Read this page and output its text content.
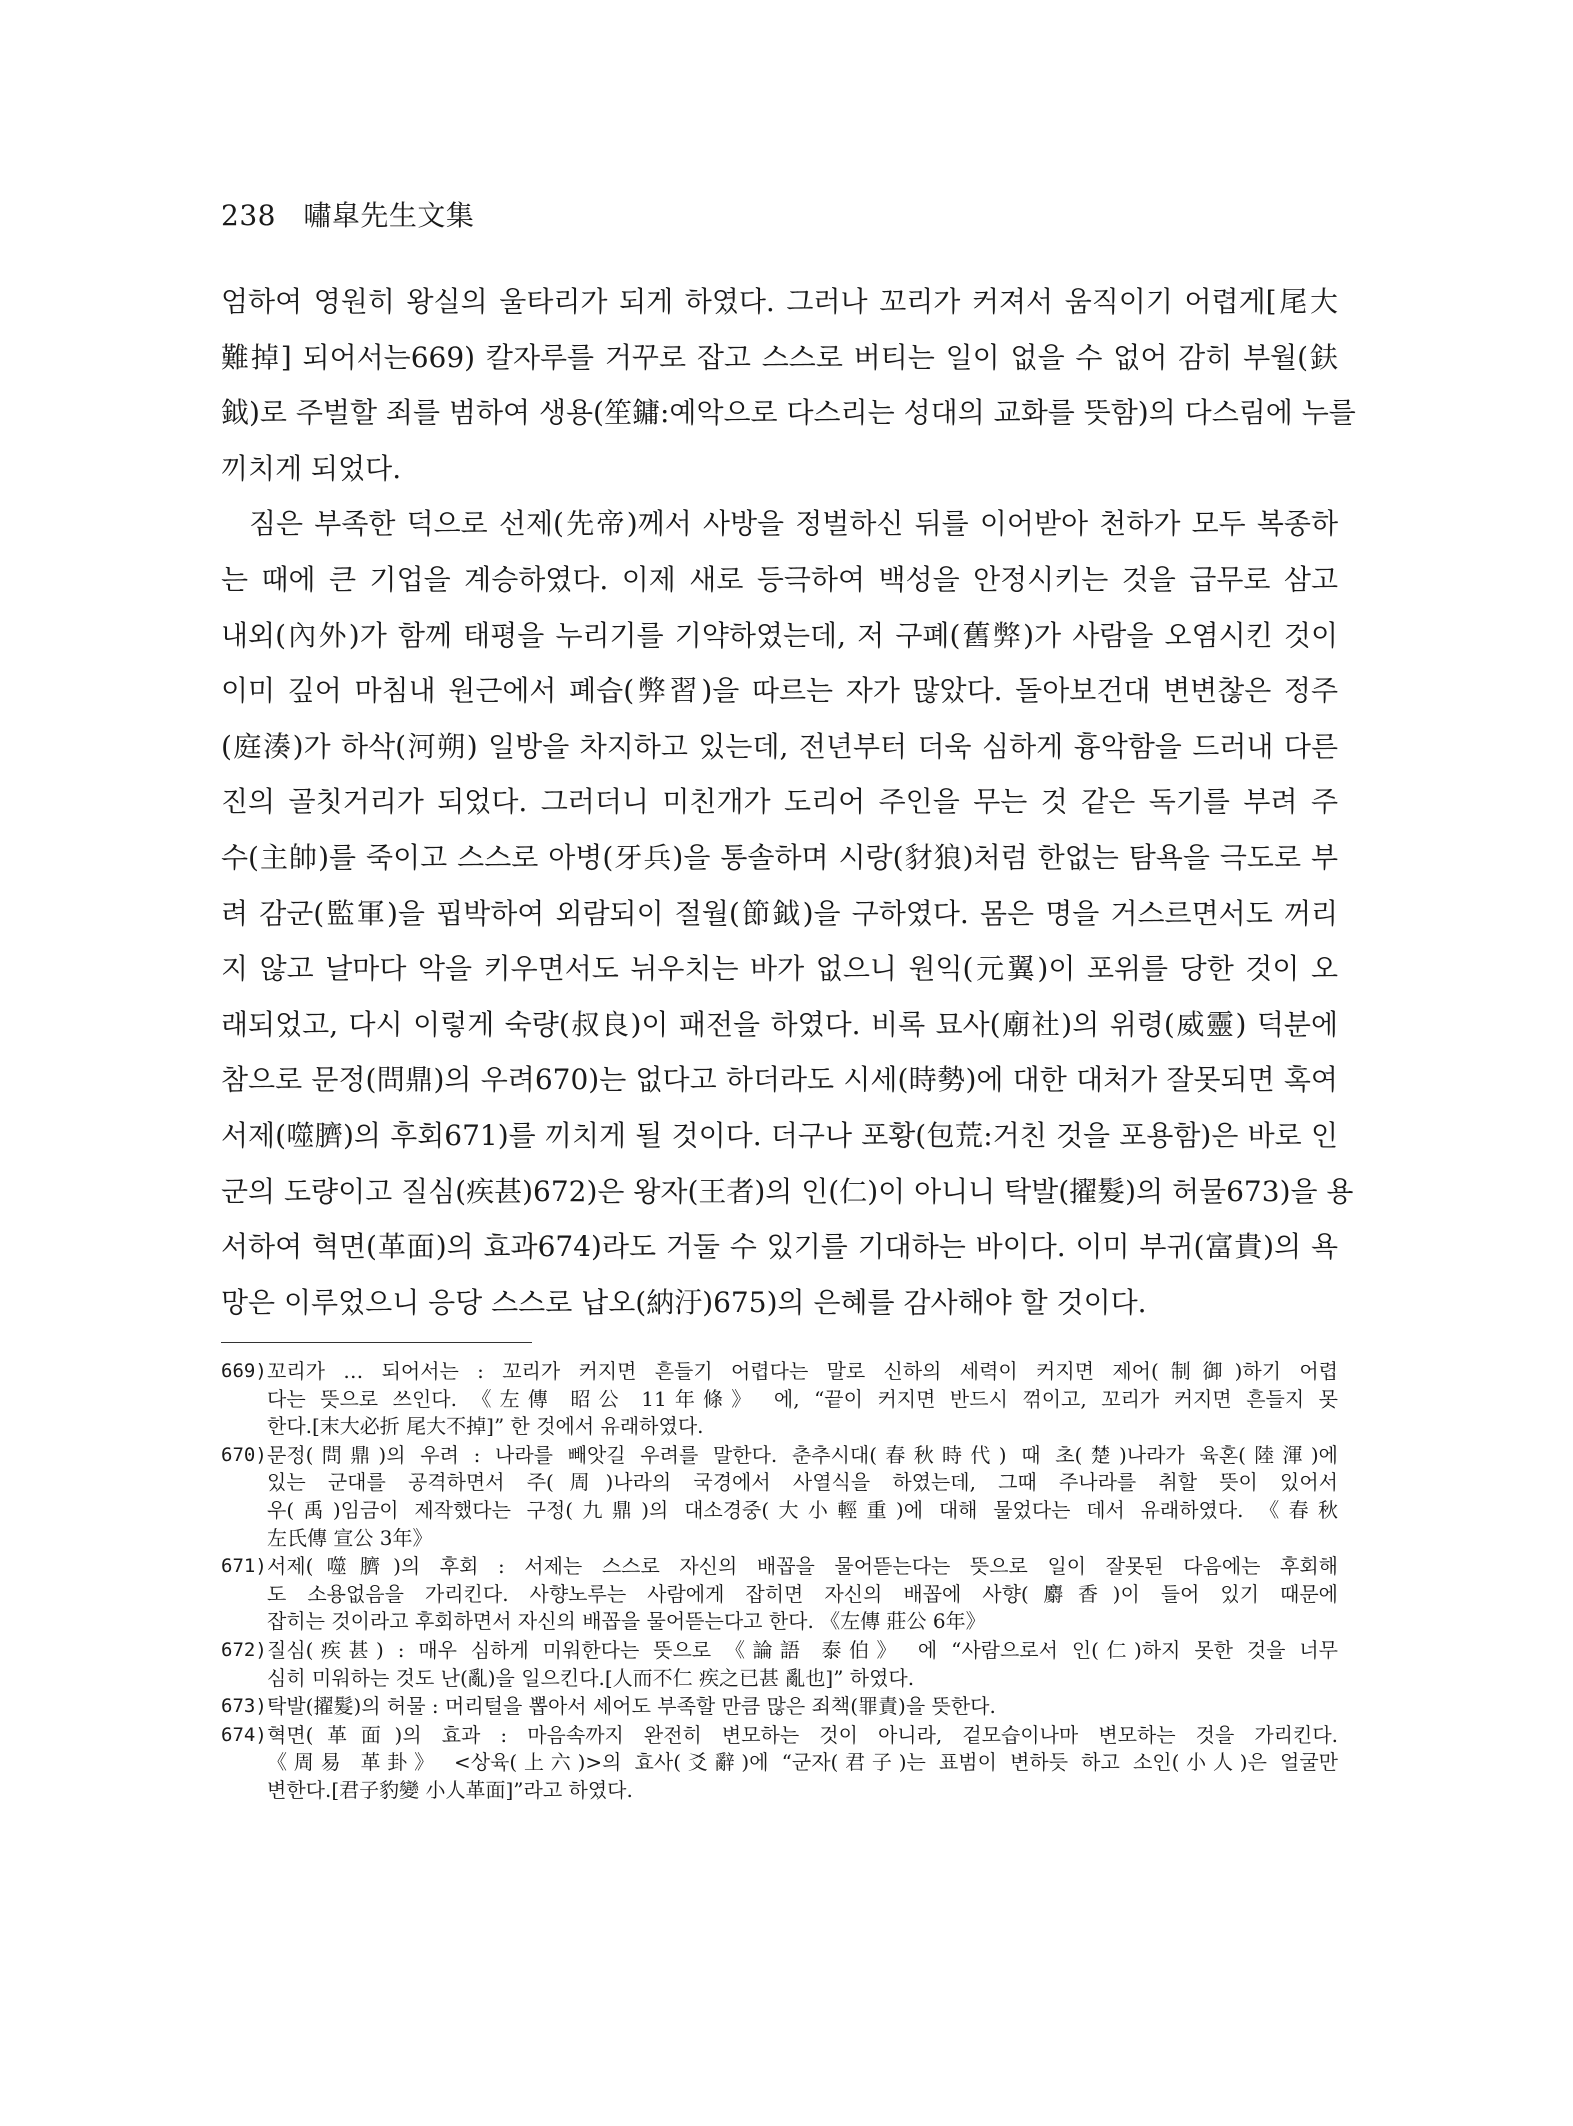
238 嘯皐先生文集

엄하여 영원히 왕실의 울타리가 되게 하였다. 그러나 꼬리가 커져서 움직이기 어렵게[尾大
難掉] 되어서는669) 칼자루를 거꾸로 잡고 스스로 버티는 일이 없을 수 없어 감히 부월(鈇
鉞)로 주벌할 죄를 범하여 생용(笙鏞:예악으로 다스리는 성대의 교화를 뜻함)의 다스림에 누를
끼치게 되었다.

짐은 부족한 덕으로 선제(先帝)께서 사방을 정벌하신 뒤를 이어받아 천하가 모두 복종하
는 때에 큰 기업을 계승하였다. 이제 새로 등극하여 백성을 안정시키는 것을 급무로 삼고
내외(內外)가 함께 태평을 누리기를 기약하였는데, 저 구폐(舊弊)가 사람을 오염시킨 것이
이미 깊어 마침내 원근에서 폐습(弊習)을 따르는 자가 많았다. 돌아보건대 변변찮은 정주
(庭湊)가 하삭(河朔) 일방을 차지하고 있는데, 전년부터 더욱 심하게 흉악함을 드러내 다른
진의 골칫거리가 되었다. 그러더니 미친개가 도리어 주인을 무는 것 같은 독기를 부려 주
수(主帥)를 죽이고 스스로 아병(牙兵)을 통솔하며 시랑(豺狼)처럼 한없는 탐욕을 극도로 부
려 감군(監軍)을 핍박하여 외람되이 절월(節鉞)을 구하였다. 몸은 명을 거스르면서도 꺼리
지 않고 날마다 악을 키우면서도 뉘우치는 바가 없으니 원익(元翼)이 포위를 당한 것이 오
래되었고, 다시 이렇게 숙량(叔良)이 패전을 하였다. 비록 묘사(廟社)의 위령(威靈) 덕분에
참으로 문정(問鼎)의 우려670)는 없다고 하더라도 시세(時勢)에 대한 대처가 잘못되면 혹여
서제(噬臍)의 후회671)를 끼치게 될 것이다. 더구나 포황(包荒:거친 것을 포용함)은 바로 인
군의 도량이고 질심(疾甚)672)은 왕자(王者)의 인(仁)이 아니니 탁발(擢髮)의 허물673)을 용
서하여 혁면(革面)의 효과674)라도 거둘 수 있기를 기대하는 바이다. 이미 부귀(富貴)의 욕
망은 이루었으니 응당 스스로 납오(納汙)675)의 은혜를 감사해야 할 것이다.

669) 꼬리가 … 되어서는 : 꼬리가 커지면 흔들기 어렵다는 말로 신하의 세력이 커지면 제어(制御)하기 어렵
다는 뜻으로 쓰인다. 《左傳 昭公 11年條》 에, “끝이 커지면 반드시 꺾이고, 꼬리가 커지면 흔들지 못
한다.[末大必折 尾大不掉]” 한 것에서 유래하였다.
670) 문정(問鼎)의 우려 : 나라를 빼앗길 우려를 말한다. 춘추시대(春秋時代) 때 초(楚)나라가 육혼(陸渾)에
있는 군대를 공격하면서 주(周)나라의 국경에서 사열식을 하였는데, 그때 주나라를 취할 뜻이 있어서
우(禹)임금이 제작했다는 구정(九鼎)의 대소경중(大小輕重)에 대해 물었다는 데서 유래하였다. 《春秋
左氏傳 宣公 3年》
671) 서제(噬臍)의 후회 : 서제는 스스로 자신의 배꼽을 물어뜯는다는 뜻으로 일이 잘못된 다음에는 후회해
도 소용없음을 가리킨다. 사향노루는 사람에게 잡히면 자신의 배꼽에 사향(麝香)이 들어 있기 때문에
잡히는 것이라고 후회하면서 자신의 배꼽을 물어뜯는다고 한다. 《左傳 莊公 6年》
672) 질심(疾甚) : 매우 심하게 미워한다는 뜻으로 《論語 泰伯》 에 “사람으로서 인(仁)하지 못한 것을 너무
심히 미워하는 것도 난(亂)을 일으킨다.[人而不仁 疾之已甚 亂也]” 하였다.
673) 탁발(擢髮)의 허물 : 머리털을 뽑아서 세어도 부족할 만큼 많은 죄책(罪責)을 뜻한다.
674) 혁면(革面)의 효과 : 마음속까지 완전히 변모하는 것이 아니라, 겉모습이나마 변모하는 것을 가리킨다.
《周易 革卦》 <상육(上六)>의 효사(爻辭)에 “군자(君子)는 표범이 변하듯 하고 소인(小人)은 얼굴만
변한다.[君子豹變 小人革面]”라고 하였다.
